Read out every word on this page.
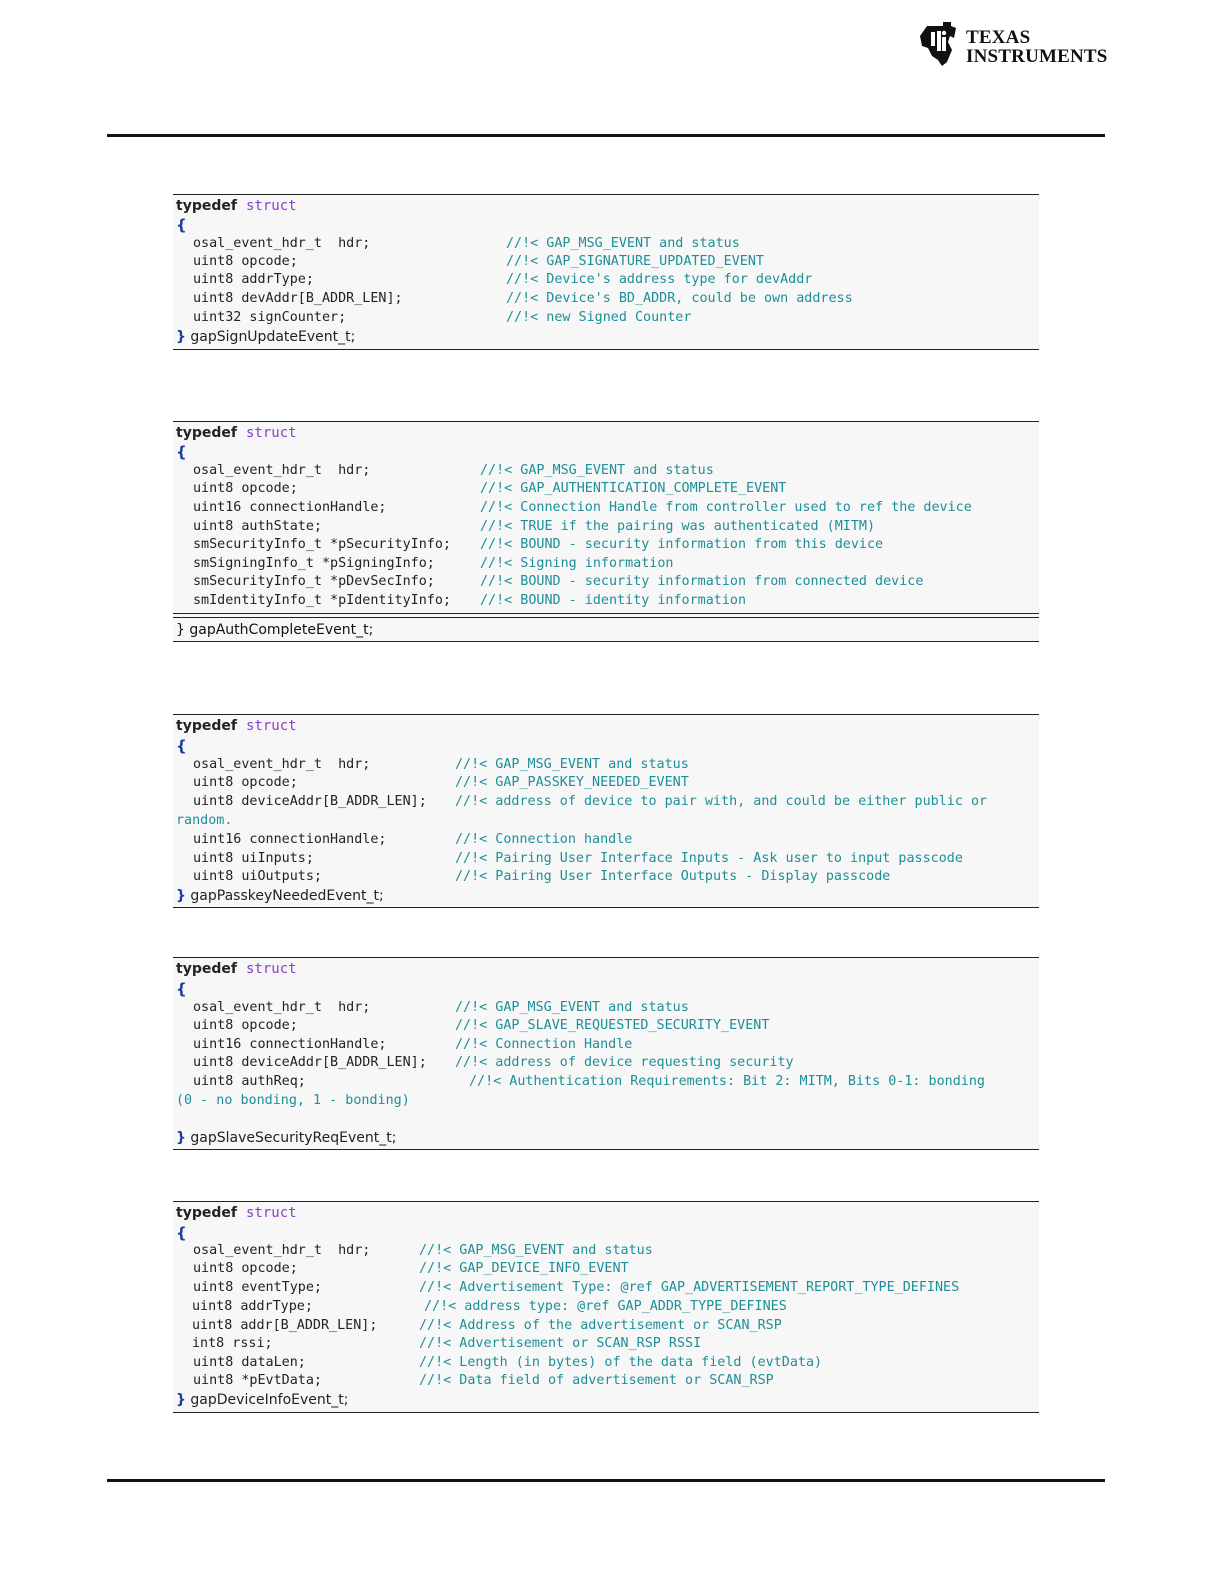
TEXAS
INSTRUMENTS
typedef struct
{
osal_event_hdr_t  hdr;	//!< GAP_MSG_EVENT and status
uint8 opcode;	//!< GAP_SIGNATURE_UPDATED_EVENT
uint8 addrType;	//!< Device's address type for devAddr
uint8 devAddr[B_ADDR_LEN];	//!< Device's BD_ADDR, could be own address
uint32 signCounter;	//!< new Signed Counter
} gapSignUpdateEvent_t;
typedef struct
{
osal_event_hdr_t  hdr;	//!< GAP_MSG_EVENT and status
uint8 opcode;	//!< GAP_AUTHENTICATION_COMPLETE_EVENT
uint16 connectionHandle;	//!< Connection Handle from controller used to ref the device
uint8 authState;	//!< TRUE if the pairing was authenticated (MITM)
smSecurityInfo_t *pSecurityInfo; //!< BOUND - security information from this device
smSigningInfo_t *pSigningInfo;	//!< Signing information
smSecurityInfo_t *pDevSecInfo;	//!< BOUND - security information from connected device
smIdentityInfo_t *pIdentityInfo; //!< BOUND - identity information
} gapAuthCompleteEvent_t;
typedef struct
{
osal_event_hdr_t  hdr;	//!< GAP_MSG_EVENT and status
uint8 opcode;	//!< GAP_PASSKEY_NEEDED_EVENT
uint8 deviceAddr[B_ADDR_LEN]; //!< address of device to pair with, and could be either public or
random.
uint16 connectionHandle;	//!< Connection handle
uint8 uiInputs;	//!< Pairing User Interface Inputs - Ask user to input passcode
uint8 uiOutputs;	//!< Pairing User Interface Outputs - Display passcode
} gapPasskeyNeededEvent_t;
typedef struct
{
osal_event_hdr_t  hdr;	//!< GAP_MSG_EVENT and status
uint8 opcode;	//!< GAP_SLAVE_REQUESTED_SECURITY_EVENT
uint16 connectionHandle;	//!< Connection Handle
uint8 deviceAddr[B_ADDR_LEN]; //!< address of device requesting security
uint8 authReq;	//!< Authentication Requirements: Bit 2: MITM, Bits 0-1: bonding
(0 - no bonding, 1 - bonding)
} gapSlaveSecurityReqEvent_t;
typedef struct
{
osal_event_hdr_t  hdr;	//!< GAP_MSG_EVENT and status
uint8 opcode;	//!< GAP_DEVICE_INFO_EVENT
uint8 eventType;	//!< Advertisement Type: @ref GAP_ADVERTISEMENT_REPORT_TYPE_DEFINES
uint8 addrType;	//!< address type: @ref GAP_ADDR_TYPE_DEFINES
uint8 addr[B_ADDR_LEN];	//!< Address of the advertisement or SCAN_RSP
int8 rssi;	//!< Advertisement or SCAN_RSP RSSI
uint8 dataLen;	//!< Length (in bytes) of the data field (evtData)
uint8 *pEvtData;	//!< Data field of advertisement or SCAN_RSP
} gapDeviceInfoEvent_t;
